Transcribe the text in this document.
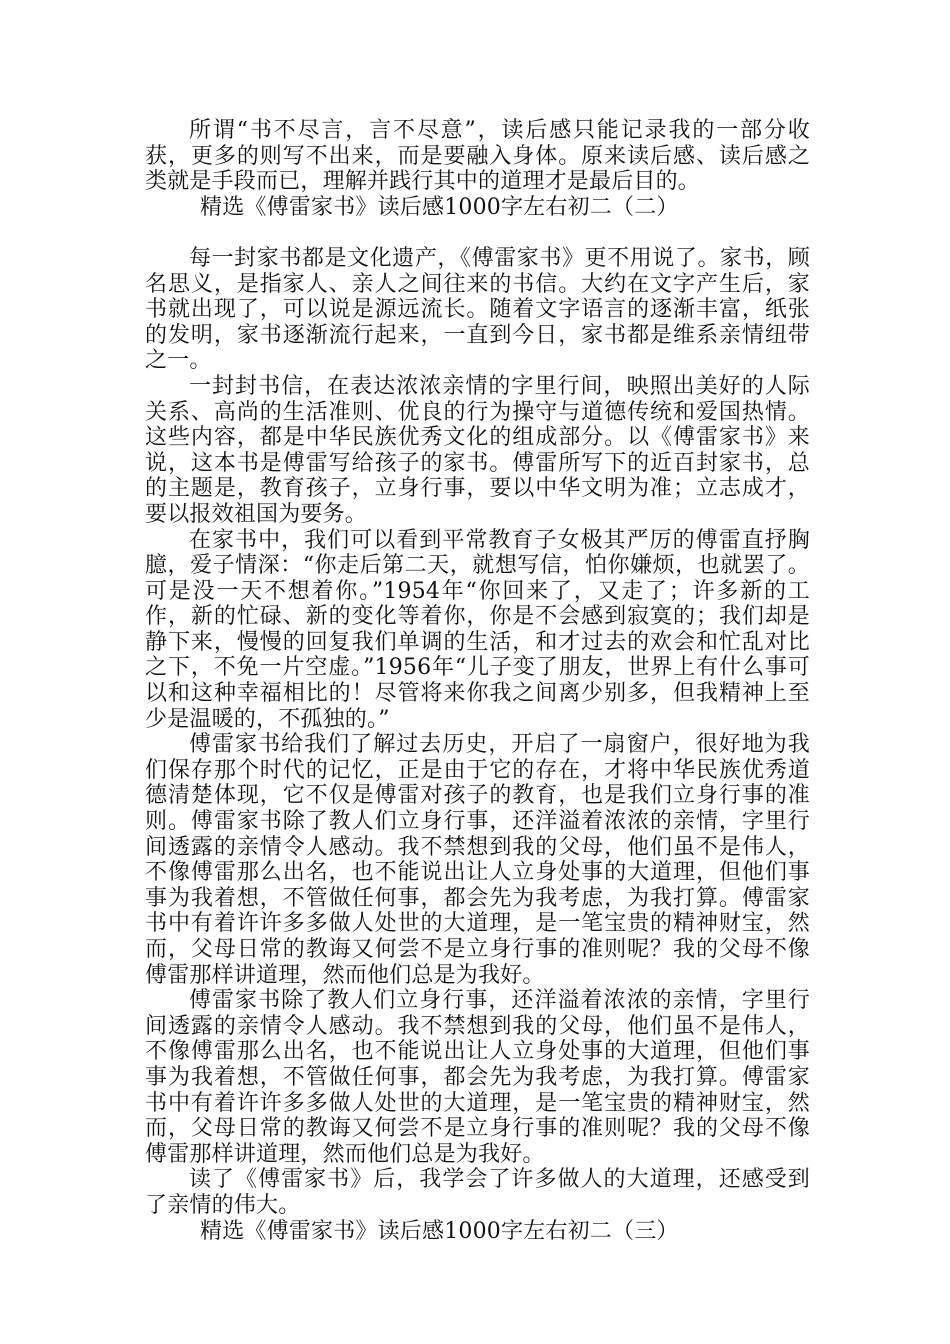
所谓“书不尽言，言不尽意”，读后感只能记录我的一部分收获，更多的则写不出来，而是要融入身体。原来读后感、读后感之类就是手段而已，理解并践行其中的道理才是最后目的。

精选《傅雷家书》读后感1000字左右初二（二）

每一封家书都是文化遗产，《傅雷家书》更不用说了。家书，顾名思义，是指家人、亲人之间往来的书信。大约在文字产生后，家书就出现了，可以说是源远流长。随着文字语言的逐渐丰富，纸张的发明，家书逐渐流行起来，一直到今日，家书都是维系亲情纽带之一。

一封封书信，在表达浓浓亲情的字里行间，映照出美好的人际关系、高尚的生活准则、优良的行为操守与道德传统和爱国热情。这些内容，都是中华民族优秀文化的组成部分。以《傅雷家书》来说，这本书是傅雷写给孩子的家书。傅雷所写下的近百封家书，总的主题是，教育孩子，立身行事，要以中华文明为准；立志成才，要以报效祖国为要务。

在家书中，我们可以看到平常教育子女极其严厉的傅雷直抒胸臆，爱子情深：“你走后第二天，就想写信，怕你嫌烦，也就罢了。可是没一天不想着你。”1954年“你回来了，又走了；许多新的工作，新的忙碌、新的变化等着你，你是不会感到寂寞的；我们却是静下来，慢慢的回复我们单调的生活，和才过去的欢会和忙乱对比之下，不免一片空虚。”1956年“儿子变了朋友，世界上有什么事可以和这种幸福相比的！尽管将来你我之间离少别多，但我精神上至少是温暖的，不孤独的。”

傅雷家书给我们了解过去历史，开启了一扇窗户，很好地为我们保存那个时代的记忆，正是由于它的存在，才将中华民族优秀道德清楚体现，它不仅是傅雷对孩子的教育，也是我们立身行事的准则。傅雷家书除了教人们立身行事，还洋溢着浓浓的亲情，字里行间透露的亲情令人感动。我不禁想到我的父母，他们虽不是伟人，不像傅雷那么出名，也不能说出让人立身处事的大道理，但他们事事为我着想，不管做任何事，都会先为我考虑，为我打算。傅雷家书中有着许许多多做人处世的大道理，是一笔宝贵的精神财宝，然而，父母日常的教诲又何尝不是立身行事的准则呢？我的父母不像傅雷那样讲道理，然而他们总是为我好。

傅雷家书除了教人们立身行事，还洋溢着浓浓的亲情，字里行间透露的亲情令人感动。我不禁想到我的父母，他们虽不是伟人，不像傅雷那么出名，也不能说出让人立身处事的大道理，但他们事事为我着想，不管做任何事，都会先为我考虑，为我打算。傅雷家书中有着许许多多做人处世的大道理，是一笔宝贵的精神财宝，然而，父母日常的教诲又何尝不是立身行事的准则呢？我的父母不像傅雷那样讲道理，然而他们总是为我好。

读了《傅雷家书》后，我学会了许多做人的大道理，还感受到了亲情的伟大。

精选《傅雷家书》读后感1000字左右初二（三）
